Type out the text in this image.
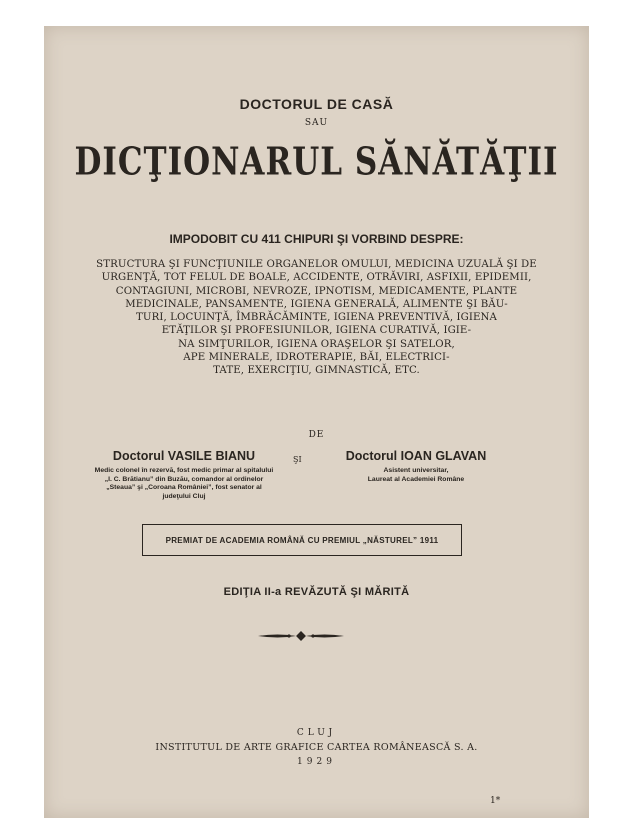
DOCTORUL DE CASĂ
SAU
DICŢIONARUL SĂNĂTĂŢII
IMPODOBIT CU 411 CHIPURI ŞI VORBIND DESPRE:
STRUCTURA ŞI FUNCŢIUNILE ORGANELOR OMULUI, MEDICINA UZUALĂ ŞI DE
URGENŢĂ, TOT FELUL DE BOALE, ACCIDENTE, OTRĂVIRI, ASFIXII, EPIDEMII,
CONTAGIUNI, MICROBI, NEVROZE, IPNOTISM, MEDICAMENTE, PLANTE
MEDICINALE, PANSAMENTE, IGIENA GENERALĂ, ALIMENTE ŞI BĂU-
TURI, LOCUINŢĂ, ÎMBRĂCĂMINTE, IGIENA PREVENTIVĂ, IGIENA
ETĂŢILOR ŞI PROFESIUNILOR, IGIENA CURATIVĂ, IGIE-
NA SIMŢURILOR, IGIENA ORAŞELOR ŞI SATELOR,
APE MINERALE, IDROTERAPIE, BĂI, ELECTRICI-
TATE, EXERCIŢIU, GIMNASTICĂ, ETC.
DE
Doctorul VASILE BIANU
Medic colonel în rezervă, fost medic primar al spitalului
„I. C. Brătianu” din Buzău, comandor al ordinelor
„Steaua” şi „Coroana României”, fost senator al
judeţului Cluj
ŞI	Doctorul IOAN GLAVAN
Asistent universitar,
Laureat al Academiei Române
PREMIAT DE ACADEMIA ROMÂNĂ CU PREMIUL „NĂSTUREL” 1911
EDIŢIA II-a REVĂZUTĂ ŞI MĂRITĂ
CLUJ
INSTITUTUL DE ARTE GRAFICE CARTEA ROMÂNEASCĂ S. A.
1929
1*
